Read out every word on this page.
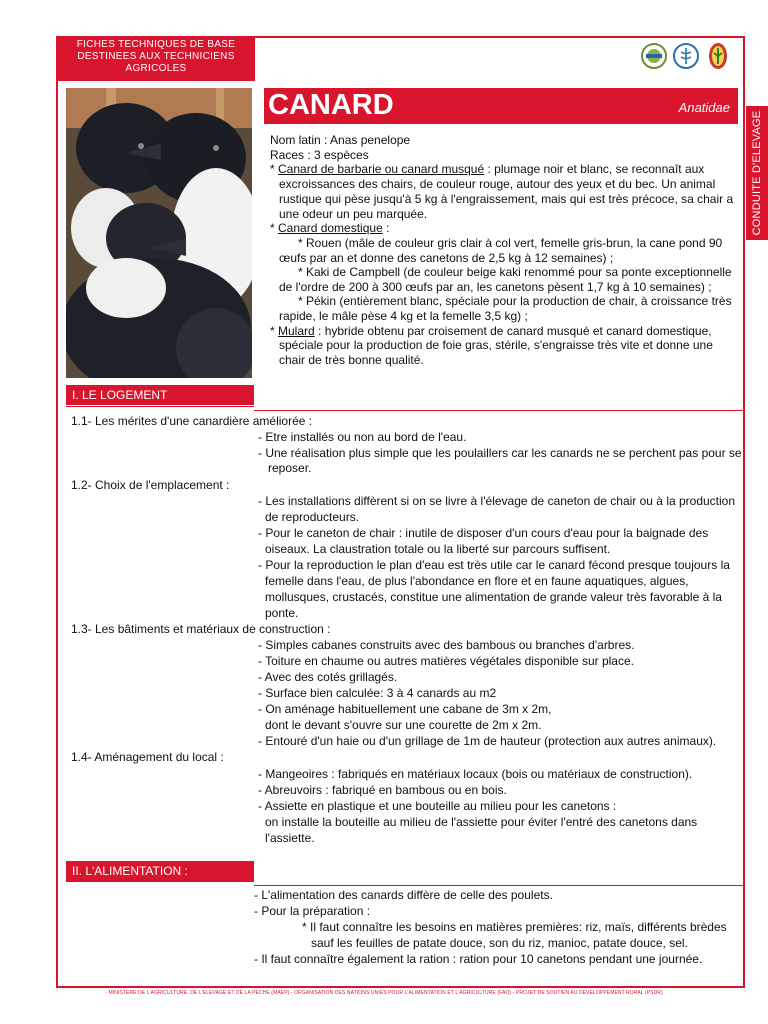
FICHES TECHNIQUES DE BASE
DESTINEES AUX TECHNICIENS
AGRICOLES
CANARD	Anatidae
CONDUITE D'ELEVAGE
Nom latin : Anas penelope
Races : 3 espèces
* Canard de barbarie ou canard musqué : plumage noir et blanc, se reconnaît aux
excroissances des chairs, de couleur rouge, autour des yeux et du bec. Un animal
rustique qui pèse jusqu'à 5 kg à l'engraissement, mais qui est très précoce, sa chair a
une odeur un peu marquée.
* Canard domestique :
* Rouen (mâle de couleur gris clair à col vert, femelle gris-brun, la cane pond 90
œufs par an et donne des canetons de 2,5 kg à 12 semaines) ;
* Kaki de Campbell (de couleur beige kaki renommé pour sa ponte exceptionnelle
de l'ordre de 200 à 300 œufs par an, les canetons pèsent 1,7 kg à 10 semaines) ;
* Pékin (entièrement blanc, spéciale pour la production de chair, à croissance très
rapide, le mâle pèse 4 kg et la femelle 3,5 kg) ;
* Mulard : hybride obtenu par croisement de canard musqué et canard domestique,
spéciale pour la production de foie gras, stérile, s'engraisse très vite et donne une
chair de très bonne qualité.
I. LE LOGEMENT
1.1- Les mérites d'une canardière améliorée :
- Etre installés ou non au bord de l'eau.
- Une réalisation plus simple que les poulaillers car les canards ne se perchent pas pour se
reposer.
1.2- Choix de l'emplacement :
- Les installations diffèrent si on se livre à l'élevage de caneton de chair ou à la production
de reproducteurs.
- Pour le caneton de chair : inutile de disposer d'un cours d'eau pour la baignade des
oiseaux. La claustration totale ou la liberté sur parcours suffisent.
- Pour la reproduction le plan d'eau est très utile car le canard fécond presque toujours la
femelle dans l'eau, de plus l'abondance en flore et en faune aquatiques, algues,
mollusques, crustacés, constitue une alimentation de grande valeur très favorable à la
ponte.
1.3- Les bâtiments et matériaux de construction :
- Simples cabanes construits avec des bambous ou branches d'arbres.
- Toiture en chaume ou autres matières végétales disponible sur place.
- Avec des cotés grillagés.
- Surface bien calculée: 3 à 4 canards au m2
- On aménage habituellement une cabane de 3m x 2m,
dont le devant s'ouvre sur une courette de 2m x 2m.
- Entouré d'un haie ou d'un grillage de 1m de hauteur (protection aux autres animaux).
1.4- Aménagement du local :
- Mangeoires : fabriqués en matériaux locaux (bois ou matériaux de construction).
- Abreuvoirs : fabriqué en bambous ou en bois.
- Assiette en plastique et une bouteille au milieu pour les canetons :
on installe la bouteille au milieu de l'assiette pour éviter l'entré des canetons dans
l'assiette.
II. L'ALIMENTATION :
- L'alimentation des canards diffère de celle des poulets.
- Pour la préparation :
* Il faut connaître les besoins en matières premières: riz, maïs, différents brèdes
sauf les feuilles de patate douce, son du riz, manioc, patate douce, sel.
- Il faut connaître également la ration : ration pour 10 canetons pendant une journée.
- MINISTERE DE L'AGRICULTURE, DE L'ELEVAGE ET DE LA PECHE (MAEP) - ORGANISATION DES NATIONS UNIES POUR L'ALIMENTATION ET L'AGRICULTURE (FAO) - PROJET DE SOUTIEN AU DEVELOPPEMENT RURAL (PSDR)
